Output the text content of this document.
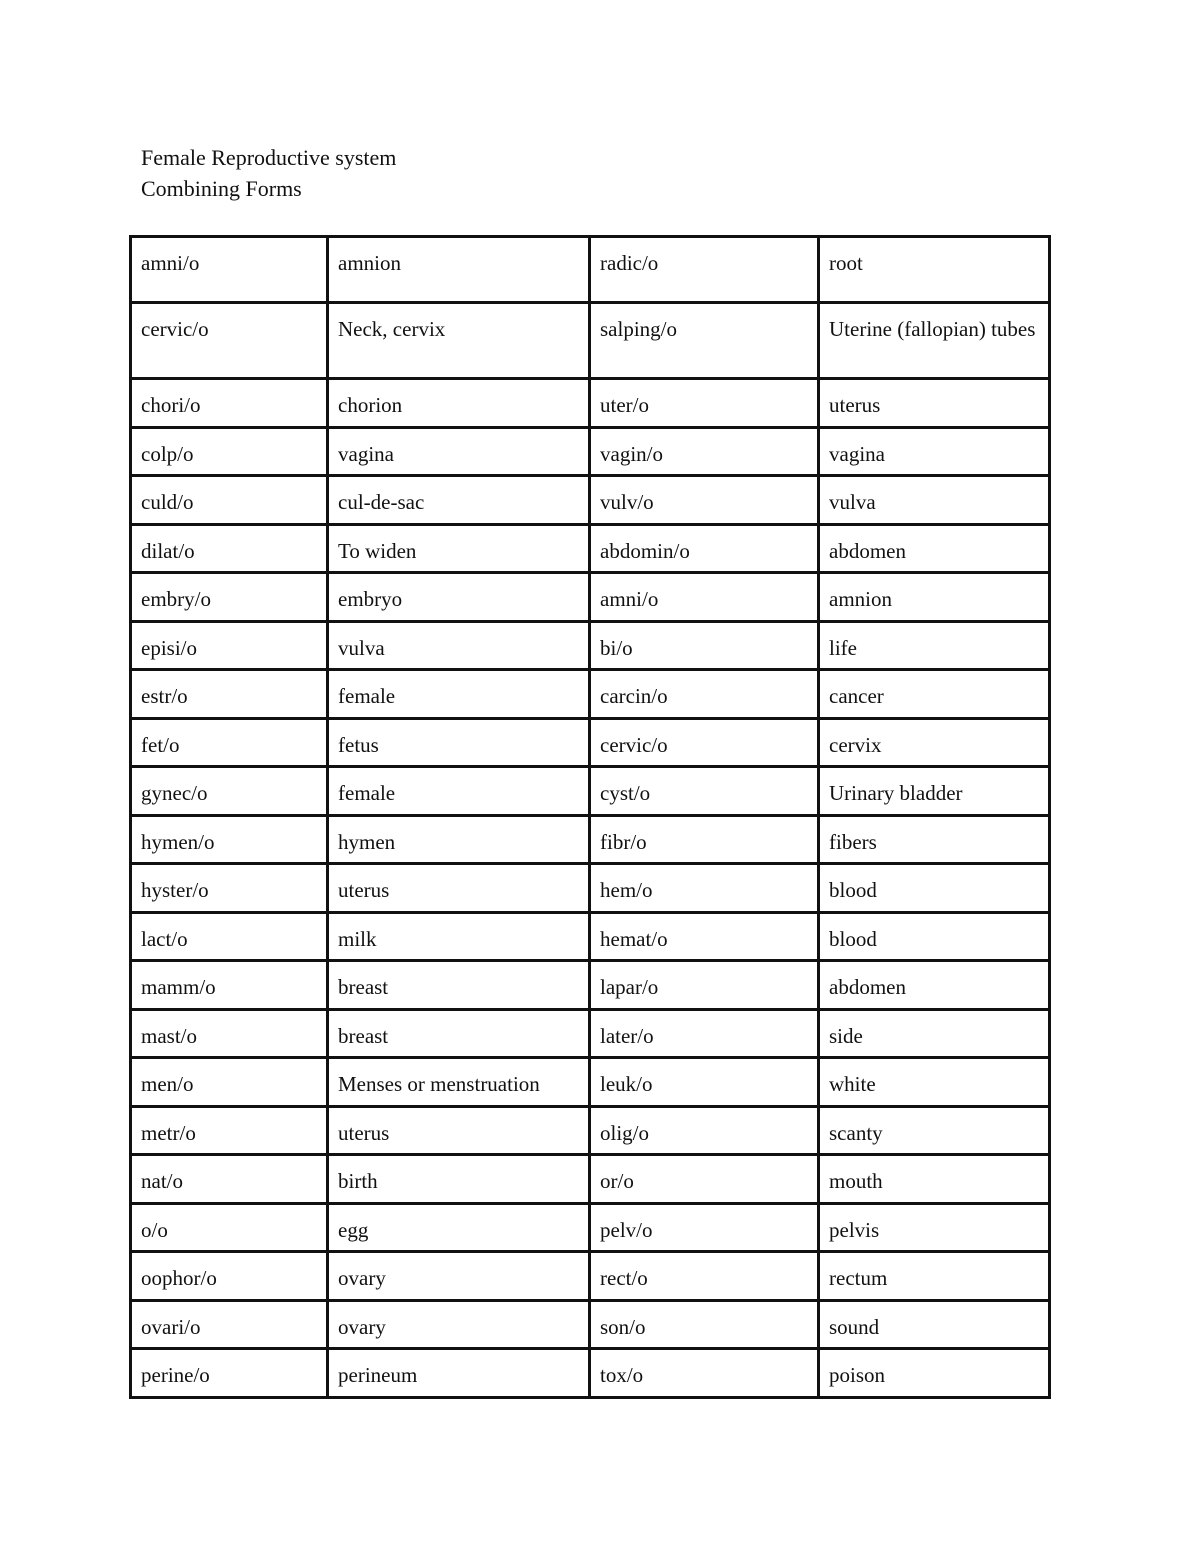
Female Reproductive system
Combining Forms
amni/o	amnion	radic/o	root
cervic/o	Neck, cervix	salping/o	Uterine (fallopian) tubes
chori/o	chorion	uter/o	uterus
colp/o	vagina	vagin/o	vagina
culd/o	cul-de-sac	vulv/o	vulva
dilat/o	To widen	abdomin/o	abdomen
embry/o	embryo	amni/o	amnion
episi/o	vulva	bi/o	life
estr/o	female	carcin/o	cancer
fet/o	fetus	cervic/o	cervix
gynec/o	female	cyst/o	Urinary bladder
hymen/o	hymen	fibr/o	fibers
hyster/o	uterus	hem/o	blood
lact/o	milk	hemat/o	blood
mamm/o	breast	lapar/o	abdomen
mast/o	breast	later/o	side
men/o	Menses or menstruation	leuk/o	white
metr/o	uterus	olig/o	scanty
nat/o	birth	or/o	mouth
o/o	egg	pelv/o	pelvis
oophor/o	ovary	rect/o	rectum
ovari/o	ovary	son/o	sound
perine/o	perineum	tox/o	poison
